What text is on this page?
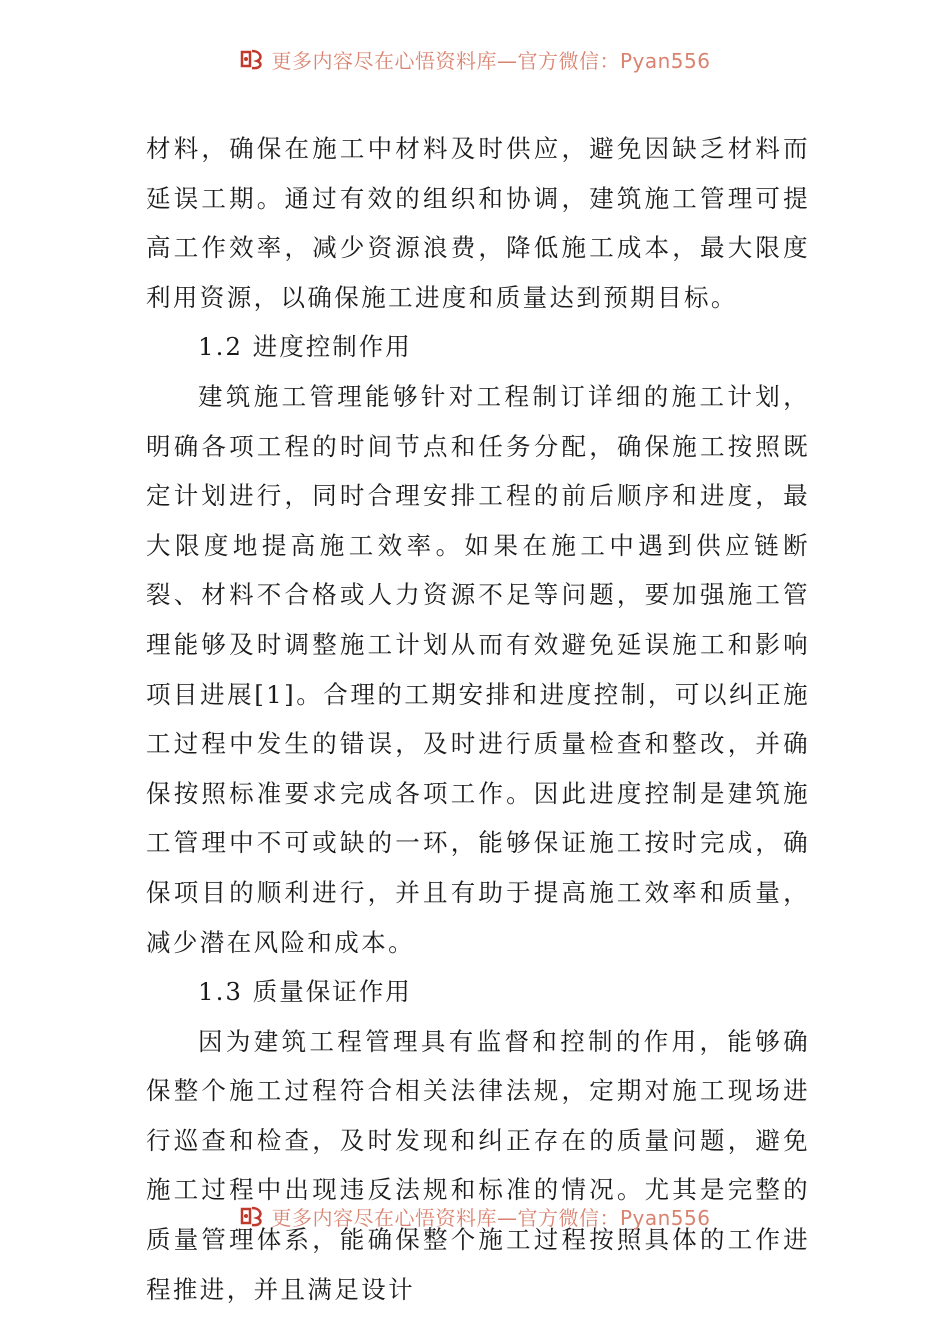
更多内容尽在心悟资料库—官方微信：Pyan556

材料，确保在施工中材料及时供应，避免因缺乏材料而延误工期。通过有效的组织和协调，建筑施工管理可提高工作效率，减少资源浪费，降低施工成本，最大限度利用资源，以确保施工进度和质量达到预期目标。

1.2 进度控制作用

建筑施工管理能够针对工程制订详细的施工计划，明确各项工程的时间节点和任务分配，确保施工按照既定计划进行，同时合理安排工程的前后顺序和进度，最大限度地提高施工效率。如果在施工中遇到供应链断裂、材料不合格或人力资源不足等问题，要加强施工管理能够及时调整施工计划从而有效避免延误施工和影响项目进展[1]。合理的工期安排和进度控制，可以纠正施工过程中发生的错误，及时进行质量检查和整改，并确保按照标准要求完成各项工作。因此进度控制是建筑施工管理中不可或缺的一环，能够保证施工按时完成，确保项目的顺利进行，并且有助于提高施工效率和质量，减少潜在风险和成本。

1.3 质量保证作用

因为建筑工程管理具有监督和控制的作用，能够确保整个施工过程符合相关法律法规，定期对施工现场进行巡查和检查，及时发现和纠正存在的质量问题，避免施工过程中出现违反法规和标准的情况。尤其是完整的质量管理体系，能确保整个施工过程按照具体的工作进程推进，并且满足设计

更多内容尽在心悟资料库—官方微信：Pyan556
